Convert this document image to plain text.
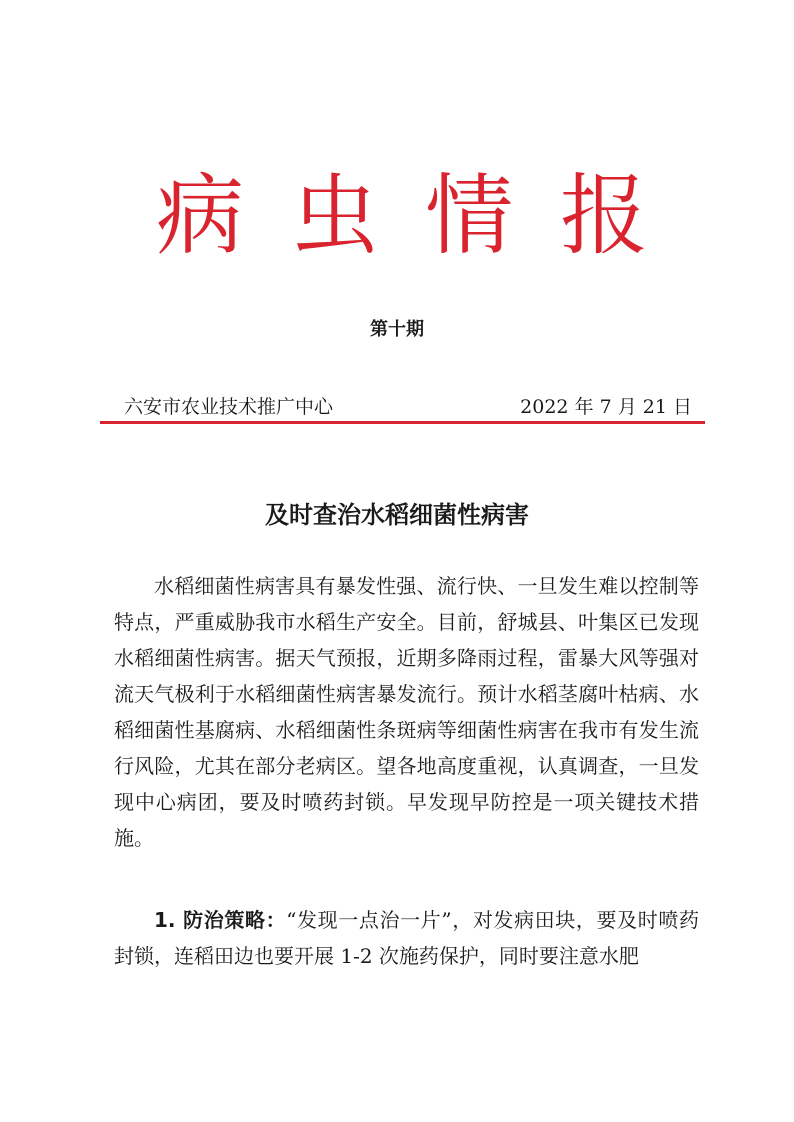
病 虫 情 报
第十期
六安市农业技术推广中心	2022 年 7 月 21 日
及时查治水稻细菌性病害

水稻细菌性病害具有暴发性强、流行快、一旦发生难以控制等特点，严重威胁我市水稻生产安全。目前，舒城县、叶集区已发现水稻细菌性病害。据天气预报，近期多降雨过程，雷暴大风等强对流天气极利于水稻细菌性病害暴发流行。预计水稻茎腐叶枯病、水稻细菌性基腐病、水稻细菌性条斑病等细菌性病害在我市有发生流行风险，尤其在部分老病区。望各地高度重视，认真调查，一旦发现中心病团，要及时喷药封锁。早发现早防控是一项关键技术措施。

1. 防治策略：“发现一点治一片”，对发病田块，要及时喷药封锁，连稻田边也要开展 1-2 次施药保护，同时要注意水肥
